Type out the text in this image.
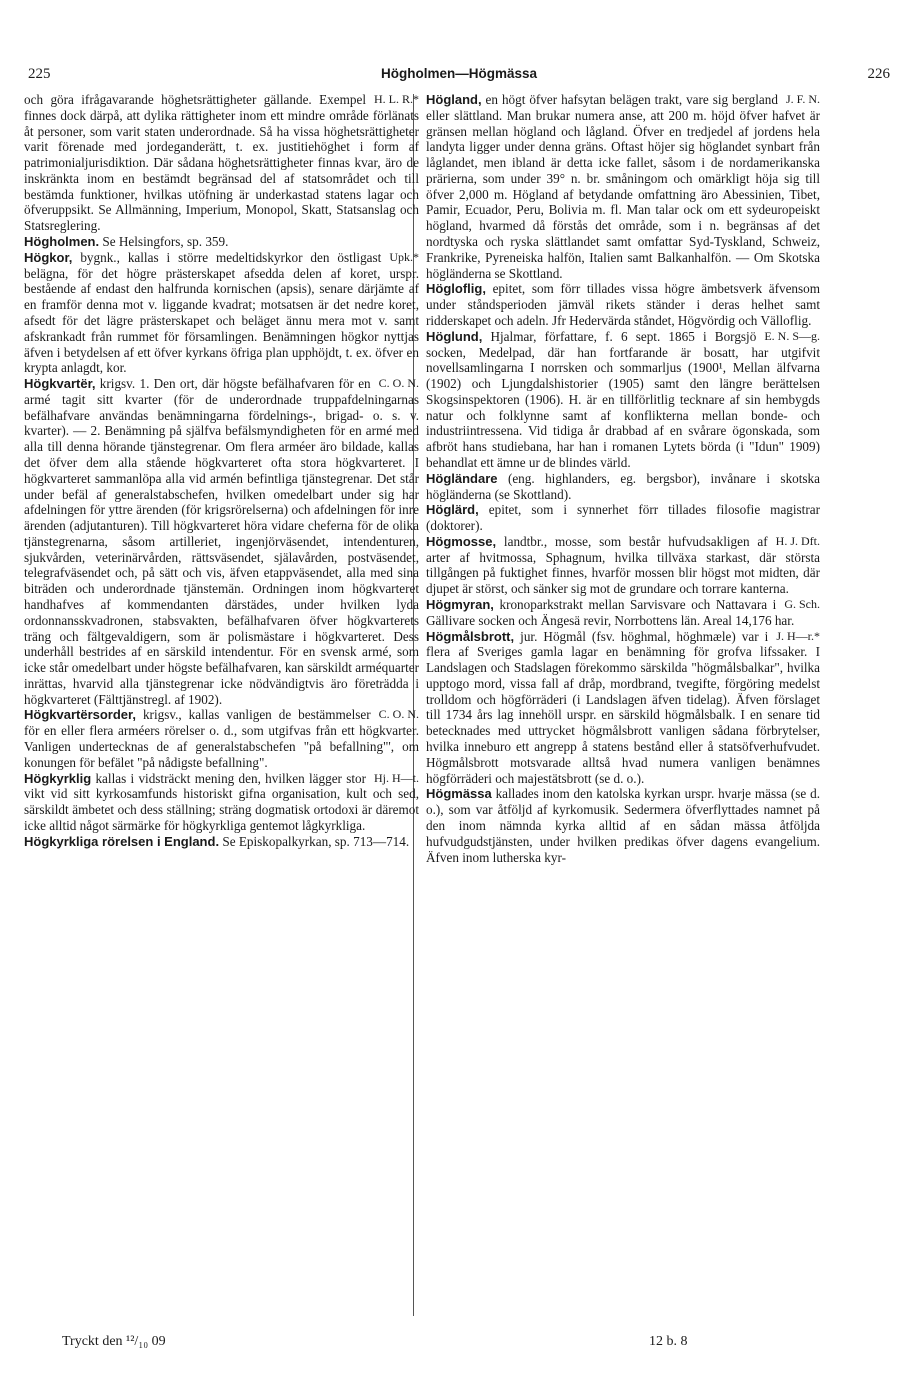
225	Högholmen—Högmässa	226

H. L. R.*
och göra ifrågavarande höghetsrättigheter gällande. Exempel finnes dock därpå, att dylika rättigheter inom ett mindre område förlänats åt personer, som varit staten underordnade. Så ha vissa höghetsrättigheter varit förenade med jordeganderätt, t. ex. justitiehöghet i form af patrimonialjurisdiktion. Där sådana höghetsrättigheter finnas kvar, äro de inskränkta inom en bestämdt begränsad del af statsområdet och till bestämda funktioner, hvilkas utöfning är underkastad statens lagar och öfveruppsikt. Se Allmänning, Imperium, Monopol, Skatt, Statsanslag och Statsreglering.

Högholmen. Se Helsingfors, sp. 359.

Upk.*
Högkor, bygnk., kallas i större medeltidskyrkor den östligast belägna, för det högre prästerskapet afsedda delen af koret, urspr. bestående af endast den halfrunda kornischen (apsis), senare därjämte af en framför denna mot v. liggande kvadrat; motsatsen är det nedre koret, afsedt för det lägre prästerskapet och beläget ännu mera mot v. samt afskrankadt från rummet för församlingen. Benämningen högkor nyttjas äfven i betydelsen af ett öfver kyrkans öfriga plan upphöjdt, t. ex. öfver en krypta anlagdt, kor.

C. O. N.
Högkvartër, krigsv. 1. Den ort, där högste befälhafvaren för en armé tagit sitt kvarter (för de underordnade truppafdelningarnas befälhafvare användas benämningarna fördelnings-, brigad- o. s. v. kvarter). — 2. Benämning på själfva befälsmyndigheten för en armé med alla till denna hörande tjänstegrenar. Om flera arméer äro bildade, kallas det öfver dem alla stående högkvarteret ofta stora högkvarteret. I högkvarteret sammanlöpa alla vid armén befintliga tjänstegrenar. Det står under befäl af generalstabschefen, hvilken omedelbart under sig har afdelningen för yttre ärenden (för krigsrörelserna) och afdelningen för inre ärenden (adjutanturen). Till högkvarteret höra vidare cheferna för de olika tjänstegrenarna, såsom artilleriet, ingenjörväsendet, intendenturen, sjukvården, veterinärvården, rättsväsendet, själavården, postväsendet, telegrafväsendet och, på sätt och vis, äfven etappväsendet, alla med sina biträden och underordnade tjänstemän. Ordningen inom högkvarteret handhafves af kommendanten därstädes, under hvilken lyda ordonnansskvadronen, stabsvakten, befälhafvaren öfver högkvarterets träng och fältgevaldigern, som är polismästare i högkvarteret. Dess underhåll bestrides af en särskild intendentur. För en svensk armé, som icke står omedelbart under högste befälhafvaren, kan särskildt arméquarter inrättas, hvarvid alla tjänstegrenar icke nödvändigtvis äro företrädda i högkvarteret (Fälttjänstregl. af 1902).

C. O. N.
Högkvartërsorder, krigsv., kallas vanligen de bestämmelser för en eller flera arméers rörelser o. d., som utgifvas från ett högkvarter. Vanligen undertecknas de af generalstabschefen "på befallning"', om konungen för befälet "på nådigste befallning".

Hj. H—t.
Högkyrklig kallas i vidsträckt mening den, hvilken lägger stor vikt vid sitt kyrkosamfunds historiskt gifna organisation, kult och sed, särskildt ämbetet och dess ställning; sträng dogmatisk ortodoxi är däremot icke alltid något särmärke för högkyrkliga gentemot lågkyrkliga.

Högkyrkliga rörelsen i England. Se Episkopalkyrkan, sp. 713—714.

J. F. N.
Högland, en högt öfver hafsytan belägen trakt, vare sig bergland eller slättland. Man brukar numera anse, att 200 m. höjd öfver hafvet är gränsen mellan högland och lågland. Öfver en tredjedel af jordens hela landyta ligger under denna gräns. Oftast höjer sig höglandet synbart från låglandet, men ibland är detta icke fallet, såsom i de nordamerikanska prärierna, som under 39° n. br. småningom och omärkligt höja sig till öfver 2,000 m. Högland af betydande omfattning äro Abessinien, Tibet, Pamir, Ecuador, Peru, Bolivia m. fl. Man talar ock om ett sydeuropeiskt högland, hvarmed då förstås det område, som i n. begränsas af det nordtyska och ryska slättlandet samt omfattar Syd-Tyskland, Schweiz, Frankrike, Pyreneiska halfön, Italien samt Balkanhalfön. — Om Skotska högländerna se Skottland.

Högloflig, epitet, som förr tillades vissa högre ämbetsverk äfvensom under ståndsperioden jämväl rikets ständer i deras helhet samt ridderskapet och adeln. Jfr Hedervärda ståndet, Högvördig och Välloflig.

E. N. S—g.
Höglund, Hjalmar, författare, f. 6 sept. 1865 i Borgsjö socken, Medelpad, där han fortfarande är bosatt, har utgifvit novellsamlingarna I norrsken och sommarljus (1900¹, Mellan älfvarna (1902) och Ljungdalshistorier (1905) samt den längre berättelsen Skogsinspektoren (1906). H. är en tillförlitlig tecknare af sin hembygds natur och folklynne samt af konflikterna mellan bonde- och industriintressena. Vid tidiga år drabbad af en svårare ögonskada, som afbröt hans studiebana, har han i romanen Lytets börda (i "Idun" 1909) behandlat ett ämne ur de blindes värld.

Högländare (eng. highlanders, eg. bergsbor), invånare i skotska högländerna (se Skottland).

Höglärd, epitet, som i synnerhet förr tillades filosofie magistrar (doktorer).

H. J. Dft.
Högmosse, landtbr., mosse, som består hufvudsakligen af arter af hvitmossa, Sphagnum, hvilka tillväxa starkast, där största tillgången på fuktighet finnes, hvarför mossen blir högst mot midten, där djupet är störst, och sänker sig mot de grundare och torrare kanterna.

G. Sch.
Högmyran, kronoparkstrakt mellan Sarvisvare och Nattavara i Gällivare socken och Ängesä revir, Norrbottens län. Areal 14,176 har.

J. H—r.*
Högmålsbrott, jur. Högmål (fsv. höghmal, höghmæle) var i flera af Sveriges gamla lagar en benämning för grofva lifssaker. I Landslagen och Stadslagen förekommo särskilda "högmålsbalkar", hvilka upptogo mord, vissa fall af dråp, mordbrand, tvegifte, förgöring medelst trolldom och högförräderi (i Landslagen äfven tidelag). Äfven förslaget till 1734 års lag innehöll urspr. en särskild högmålsbalk. I en senare tid betecknades med uttrycket högmålsbrott vanligen sådana förbrytelser, hvilka inneburo ett angrepp å statens bestånd eller å statsöfverhufvudet. Högmålsbrott motsvarade alltså hvad numera vanligen benämnes högförräderi och majestätsbrott (se d. o.).

Högmässa kallades inom den katolska kyrkan urspr. hvarje mässa (se d. o.), som var åtföljd af kyrkomusik. Sedermera öfverflyttades namnet på den inom nämnda kyrka alltid af en sådan mässa åtföljda hufvudgudstjänsten, under hvilken predikas öfver dagens evangelium. Äfven inom lutherska kyr-

Tryckt den ¹²/₁₀ 09	12 b. 8
